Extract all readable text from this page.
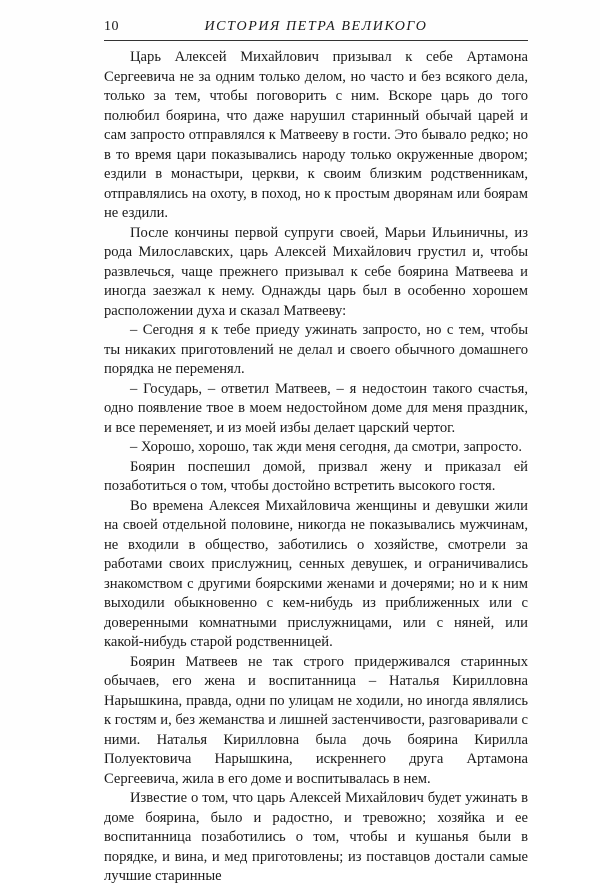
10	ИСТОРИЯ ПЕТРА ВЕЛИКОГО

Царь Алексей Михайлович призывал к себе Артамона Сергеевича не за одним только делом, но часто и без всякого дела, только за тем, чтобы поговорить с ним. Вскоре царь до того полюбил боярина, что даже нарушил старинный обычай царей и сам запросто отправлялся к Матвееву в гости. Это бывало редко; но в то время цари показывались народу только окруженные двором; ездили в монастыри, церкви, к своим близким родственникам, отправлялись на охоту, в поход, но к простым дворянам или боярам не ездили.

После кончины первой супруги своей, Марьи Ильиничны, из рода Милославских, царь Алексей Михайлович грустил и, чтобы развлечься, чаще прежнего призывал к себе боярина Матвеева и иногда заезжал к нему. Однажды царь был в особенно хорошем расположении духа и сказал Матвееву:

– Сегодня я к тебе приеду ужинать запросто, но с тем, чтобы ты никаких приготовлений не делал и своего обычного домашнего порядка не переменял.

– Государь, – ответил Матвеев, – я недостоин такого счастья, одно появление твое в моем недостойном доме для меня праздник, и все переменяет, и из моей избы делает царский чертог.

– Хорошо, хорошо, так жди меня сегодня, да смотри, запросто.

Боярин поспешил домой, призвал жену и приказал ей позаботиться о том, чтобы достойно встретить высокого гостя.

Во времена Алексея Михайловича женщины и девушки жили на своей отдельной половине, никогда не показывались мужчинам, не входили в общество, заботились о хозяйстве, смотрели за работами своих прислужниц, сенных девушек, и ограничивались знакомством с другими боярскими женами и дочерями; но и к ним выходили обыкновенно с кем-нибудь из приближенных или с доверенными комнатными прислужницами, или с няней, или какой-нибудь старой родственницей.

Боярин Матвеев не так строго придерживался старинных обычаев, его жена и воспитанница – Наталья Кирилловна Нарышкина, правда, одни по улицам не ходили, но иногда являлись к гостям и, без жеманства и лишней застенчивости, разговаривали с ними. Наталья Кирилловна была дочь боярина Кирилла Полуектовича Нарышкина, искреннего друга Артамона Сергеевича, жила в его доме и воспитывалась в нем.

Известие о том, что царь Алексей Михайлович будет ужинать в доме боярина, было и радостно, и тревожно; хозяйка и ее воспитанница позаботились о том, чтобы и кушанья были в порядке, и вина, и мед приготовлены; из поставцов достали самые лучшие старинные
